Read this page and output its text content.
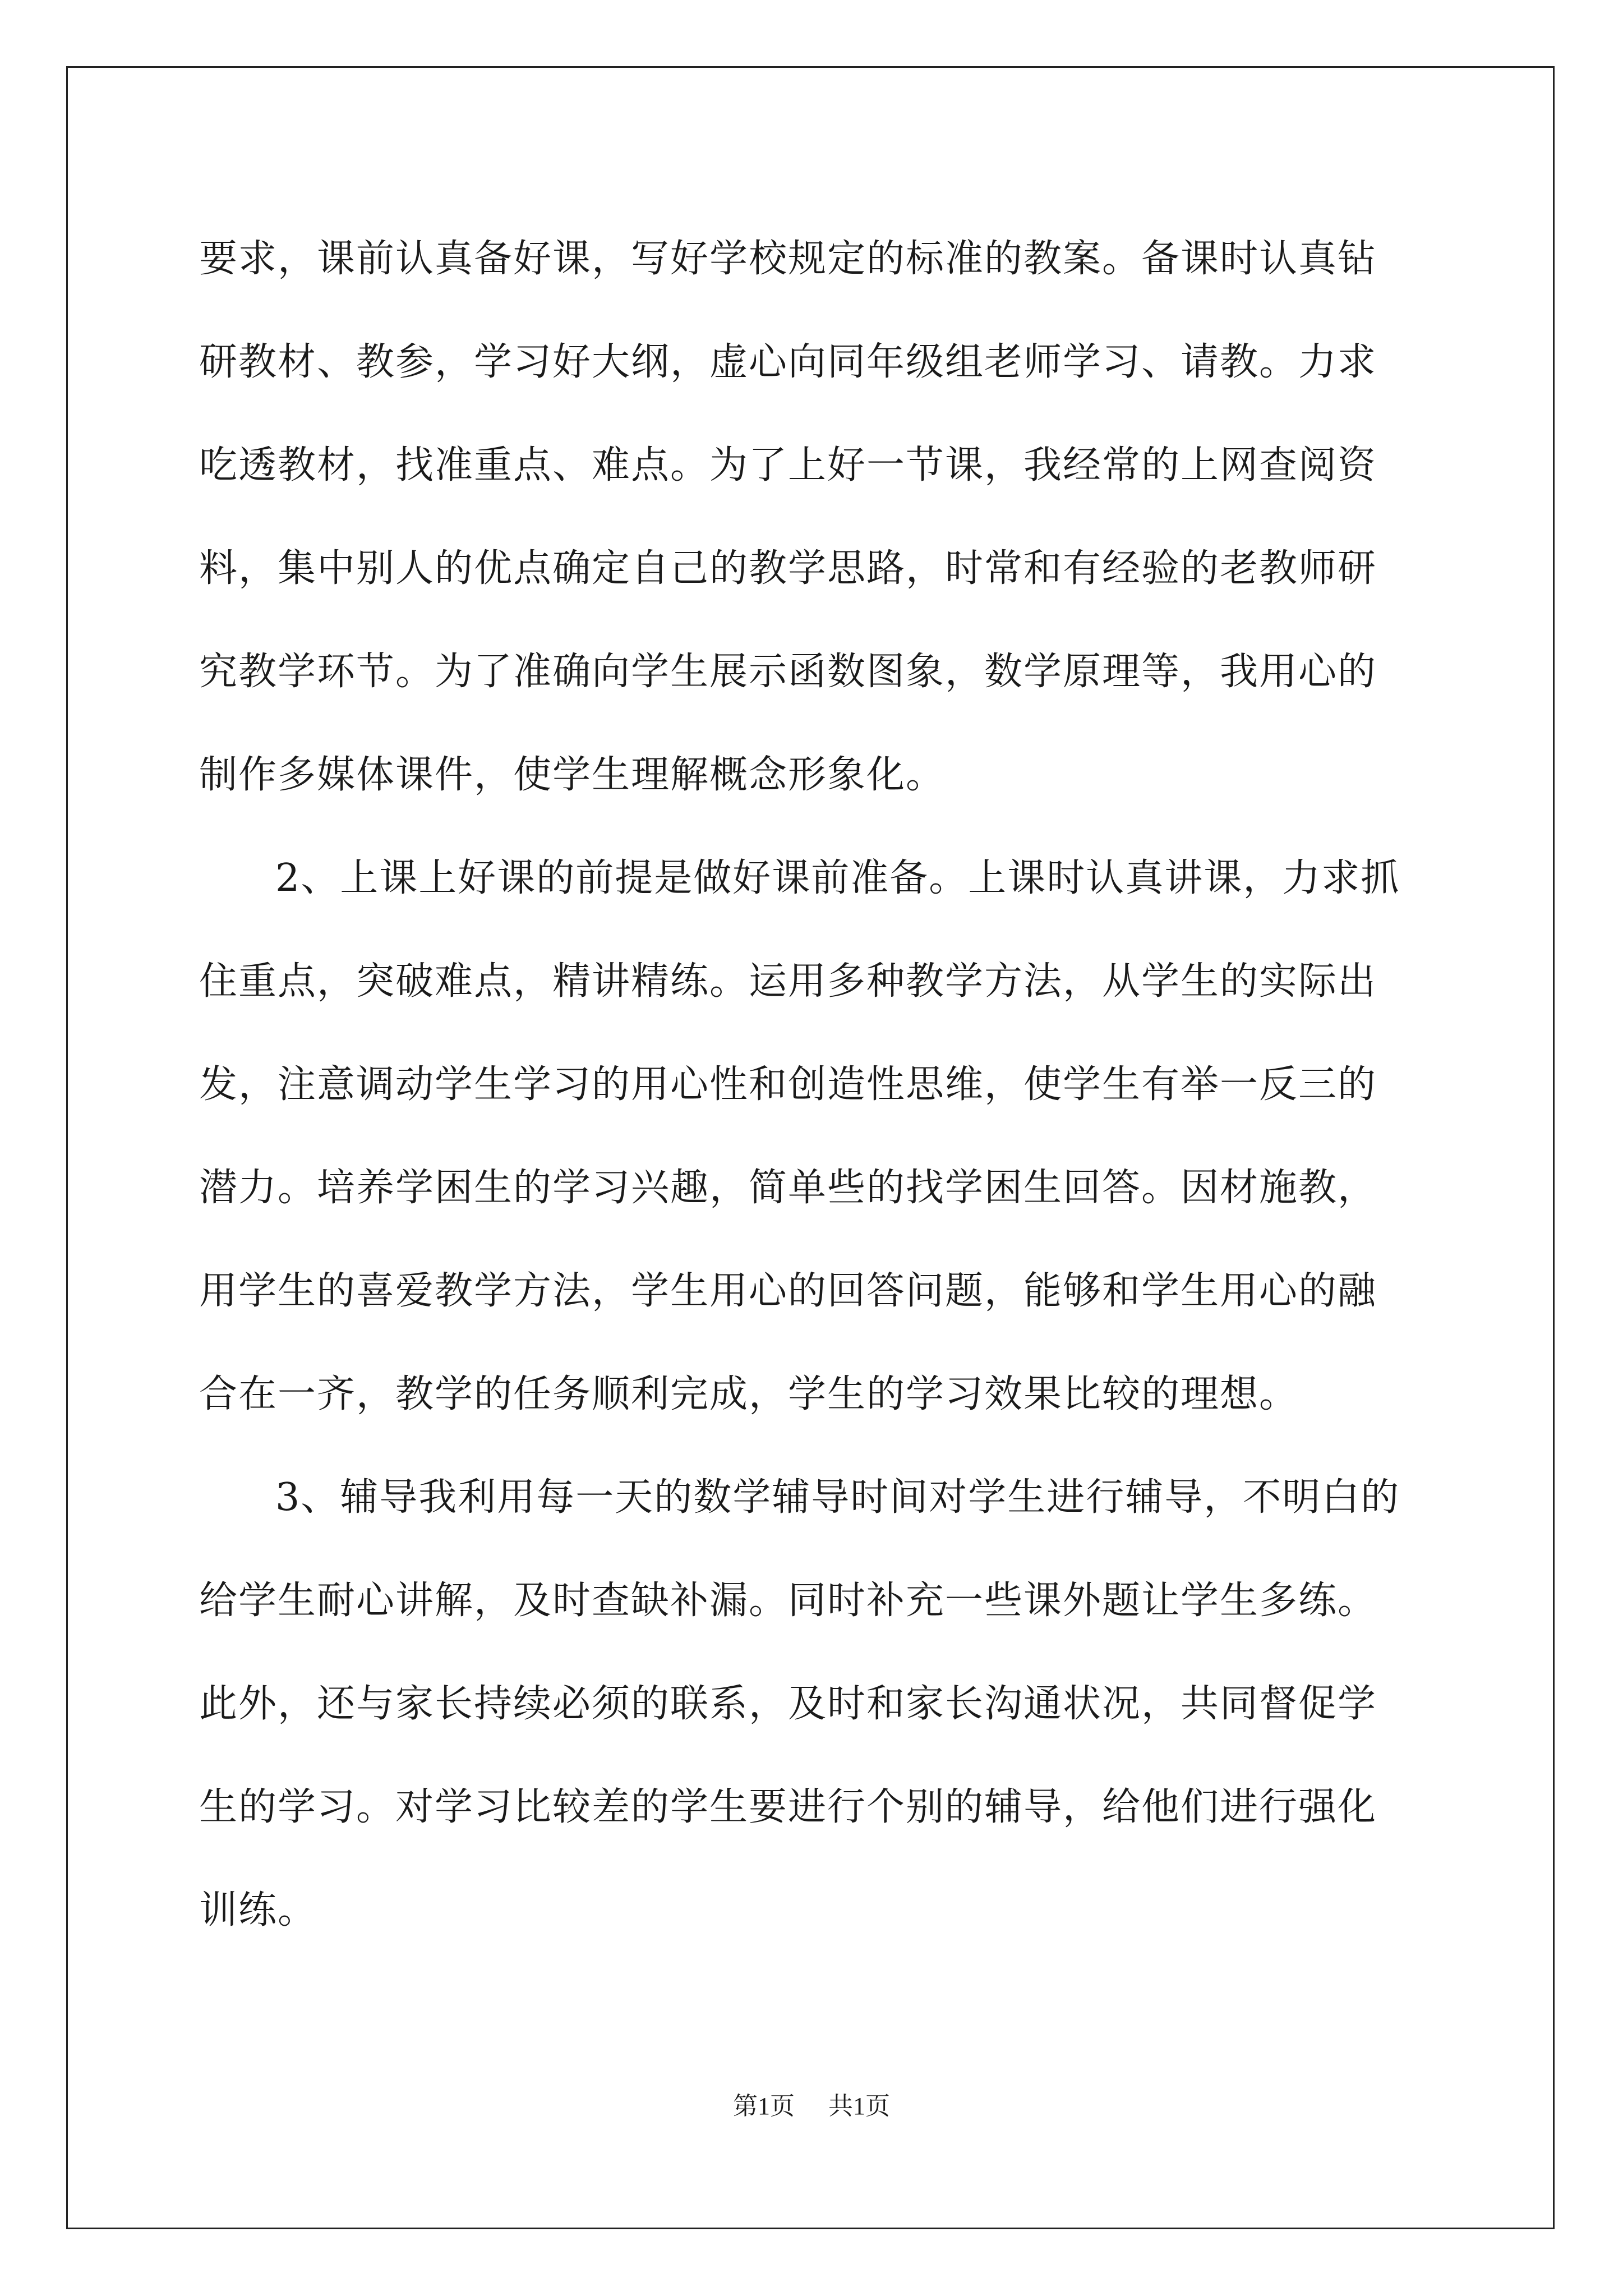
要求，课前认真备好课，写好学校规定的标准的教案。备课时认真钻
研教材、教参，学习好大纲，虚心向同年级组老师学习、请教。力求
吃透教材，找准重点、难点。为了上好一节课，我经常的上网查阅资
料，集中别人的优点确定自己的教学思路，时常和有经验的老教师研
究教学环节。为了准确向学生展示函数图象，数学原理等，我用心的
制作多媒体课件，使学生理解概念形象化。
2、上课上好课的前提是做好课前准备。上课时认真讲课，力求抓
住重点，突破难点，精讲精练。运用多种教学方法，从学生的实际出
发，注意调动学生学习的用心性和创造性思维，使学生有举一反三的
潜力。培养学困生的学习兴趣，简单些的找学困生回答。因材施教，
用学生的喜爱教学方法，学生用心的回答问题，能够和学生用心的融
合在一齐，教学的任务顺利完成，学生的学习效果比较的理想。
3、辅导我利用每一天的数学辅导时间对学生进行辅导，不明白的
给学生耐心讲解，及时查缺补漏。同时补充一些课外题让学生多练。
此外，还与家长持续必须的联系，及时和家长沟通状况，共同督促学
生的学习。对学习比较差的学生要进行个别的辅导，给他们进行强化
训练。
第1页 共1页
